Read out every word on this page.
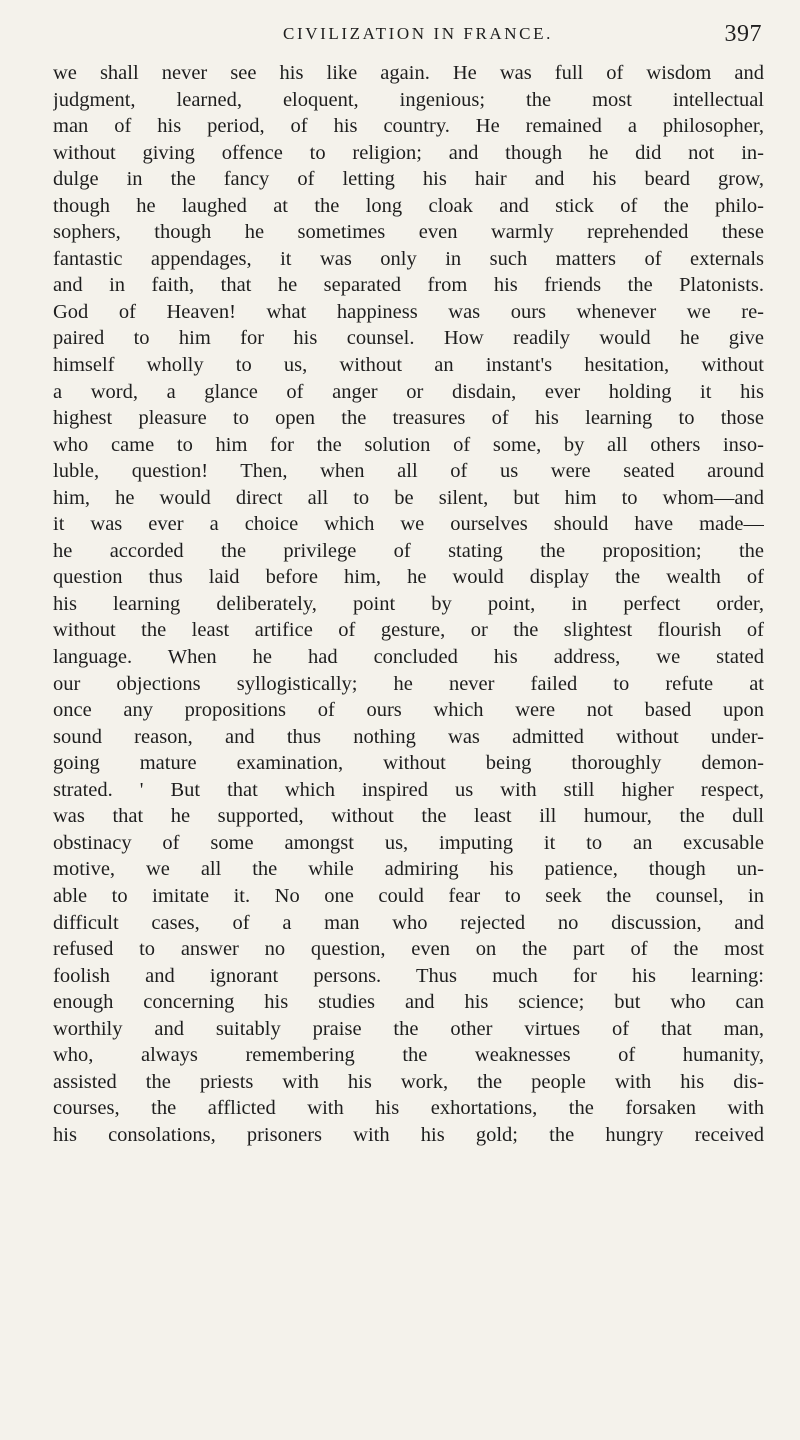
CIVILIZATION IN FRANCE.	397
we shall never see his like again. He was full of wisdom and
judgment, learned, eloquent, ingenious; the most intellectual
man of his period, of his country. He remained a philosopher,
without giving offence to religion; and though he did not in-
dulge in the fancy of letting his hair and his beard grow,
though he laughed at the long cloak and stick of the philo-
sophers, though he sometimes even warmly reprehended these
fantastic appendages, it was only in such matters of externals
and in faith, that he separated from his friends the Platonists.
God of Heaven! what happiness was ours whenever we re-
paired to him for his counsel. How readily would he give
himself wholly to us, without an instant's hesitation, without
a word, a glance of anger or disdain, ever holding it his
highest pleasure to open the treasures of his learning to those
who came to him for the solution of some, by all others inso-
luble, question! Then, when all of us were seated around
him, he would direct all to be silent, but him to whom—and
it was ever a choice which we ourselves should have made—
he accorded the privilege of stating the proposition; the
question thus laid before him, he would display the wealth of
his learning deliberately, point by point, in perfect order,
without the least artifice of gesture, or the slightest flourish of
language. When he had concluded his address, we stated
our objections syllogistically; he never failed to refute at
once any propositions of ours which were not based upon
sound reason, and thus nothing was admitted without under-
going mature examination, without being thoroughly demon-
strated. ' But that which inspired us with still higher respect,
was that he supported, without the least ill humour, the dull
obstinacy of some amongst us, imputing it to an excusable
motive, we all the while admiring his patience, though un-
able to imitate it. No one could fear to seek the counsel, in
difficult cases, of a man who rejected no discussion, and
refused to answer no question, even on the part of the most
foolish and ignorant persons. Thus much for his learning:
enough concerning his studies and his science; but who can
worthily and suitably praise the other virtues of that man,
who, always remembering the weaknesses of humanity,
assisted the priests with his work, the people with his dis-
courses, the afflicted with his exhortations, the forsaken with
his consolations, prisoners with his gold; the hungry received
